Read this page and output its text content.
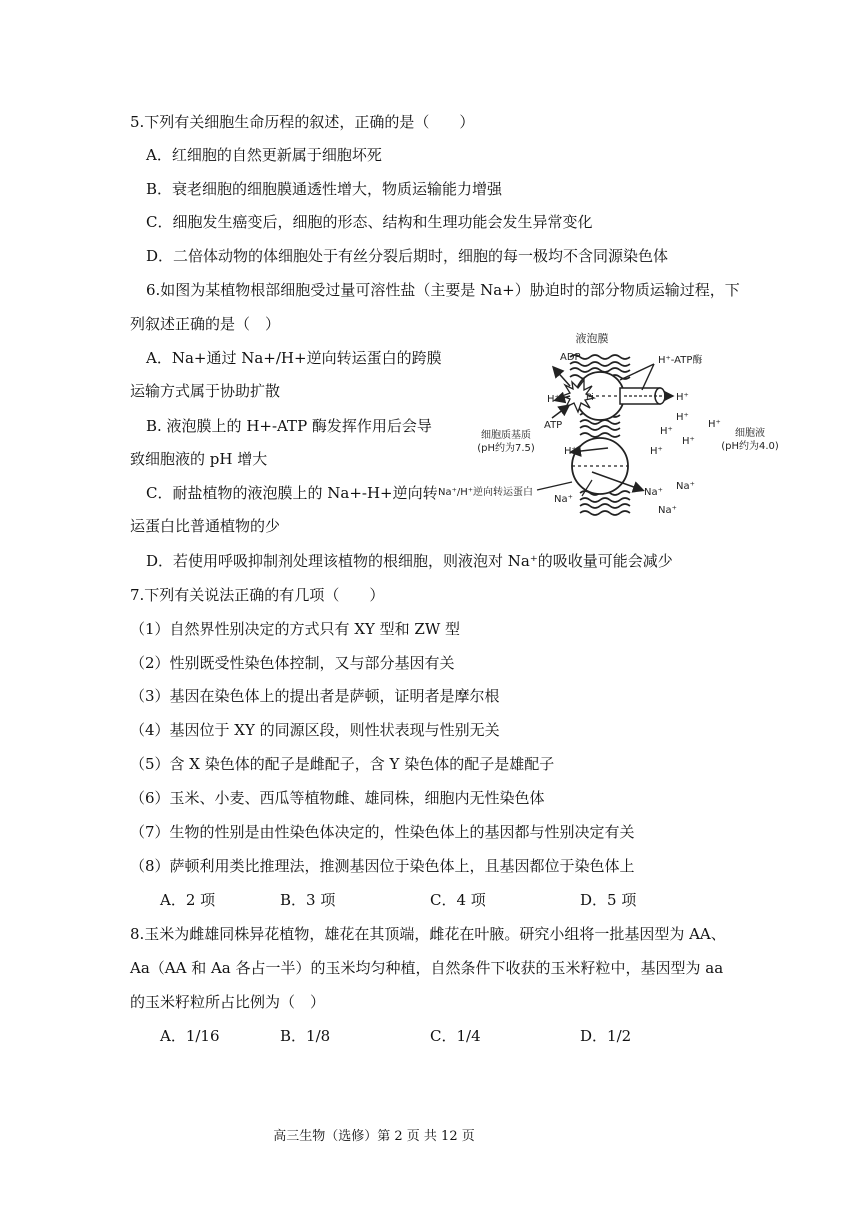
5.下列有关细胞生命历程的叙述，正确的是（　　）
A．红细胞的自然更新属于细胞坏死
B．衰老细胞的细胞膜通透性增大，物质运输能力增强
C．细胞发生癌变后，细胞的形态、结构和生理功能会发生异常变化
D．二倍体动物的体细胞处于有丝分裂后期时，细胞的每一极均不含同源染色体
6.如图为某植物根部细胞受过量可溶性盐（主要是 Na+）胁迫时的部分物质运输过程，下
列叙述正确的是（　）
A．Na+通过 Na+/H+逆向转运蛋白的跨膜
运输方式属于协助扩散
B. 液泡膜上的 H+-ATP 酶发挥作用后会导
致细胞液的 pH 增大
C．耐盐植物的液泡膜上的 Na+-H+逆向转
运蛋白比普通植物的少
D．若使用呼吸抑制剂处理该植物的根细胞，则液泡对 Na⁺的吸收量可能会减少
液泡膜
ADP
Pi
H⁺
ATP
H⁺-ATP酶
H⁺
H⁺
H⁺
H⁺
H⁺
H⁺
H⁺
细胞质基质
(pH约为7.5)
细胞液
(pH约为4.0)
Na⁺/H⁺逆向转运蛋白	Na⁺
Na⁺
Na⁺
Na⁺
7.下列有关说法正确的有几项（　　）
（1）自然界性别决定的方式只有 XY 型和 ZW 型
（2）性别既受性染色体控制，又与部分基因有关
（3）基因在染色体上的提出者是萨顿，证明者是摩尔根
（4）基因位于 XY 的同源区段，则性状表现与性别无关
（5）含 X 染色体的配子是雌配子，含 Y 染色体的配子是雄配子
（6）玉米、小麦、西瓜等植物雌、雄同株，细胞内无性染色体
（7）生物的性别是由性染色体决定的，性染色体上的基因都与性别决定有关
（8）萨顿利用类比推理法，推测基因位于染色体上，且基因都位于染色体上
A．2 项	B．3 项	C．4 项	D．5 项
8.玉米为雌雄同株异花植物，雄花在其顶端，雌花在叶腋。研究小组将一批基因型为 AA、
Aa（AA 和 Aa 各占一半）的玉米均匀种植，自然条件下收获的玉米籽粒中，基因型为 aa
的玉米籽粒所占比例为（　）
A．1/16	B．1/8	C．1/4	D．1/2
高三生物（选修）第 2 页 共 12 页
